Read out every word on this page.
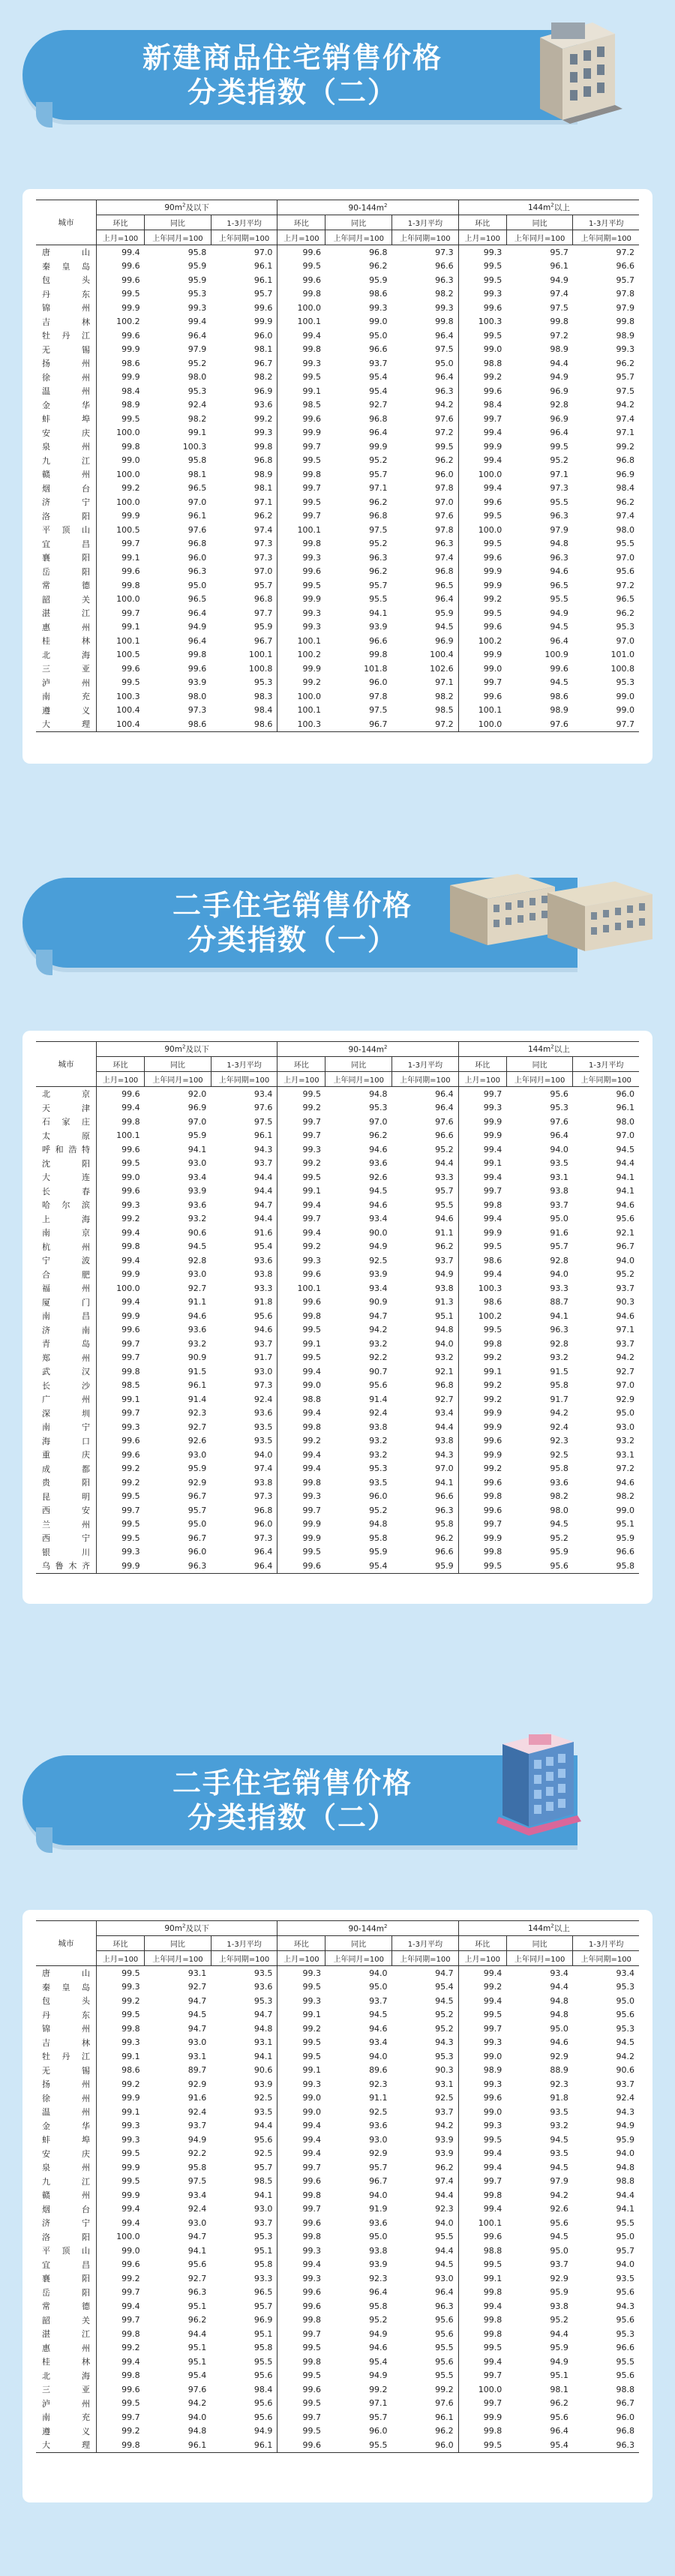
新建商品住宅销售价格
分类指数（二）
城市	$90m^2$及以下			$90-144m^2$			$144m^2$以上		
	环比	同比	1-3月平均	环比	同比	1-3月平均	环比	同比	1-3月平均
	上月=100	上年同月=100	上年同期=100	上月=100	上年同月=100	上年同期=100	上月=100	上年同月=100	上年同期=100
唐　山	99.4	95.8	97.0	99.6	96.8	97.3	99.3	95.7	97.2
秦皇岛	99.6	95.9	96.1	99.5	96.2	96.6	99.5	96.1	96.6
包　头	99.6	95.9	96.1	99.6	95.9	96.3	99.5	94.9	95.7
丹　东	99.5	95.3	95.7	99.8	98.6	98.2	99.3	97.4	97.8
锦　州	99.9	99.3	99.6	100.0	99.3	99.3	99.6	97.5	97.9
吉　林	100.2	99.4	99.9	100.1	99.0	99.8	100.3	99.8	99.8
牡丹江	99.6	96.4	96.0	99.4	95.0	96.4	99.5	97.2	98.9
无　锡	99.9	97.9	98.1	99.8	96.6	97.5	99.0	98.9	99.3
扬　州	98.6	95.2	96.7	99.3	93.7	95.0	98.8	94.4	96.2
徐　州	99.9	98.0	98.2	99.5	95.4	96.4	99.2	94.9	95.7
温　州	98.4	95.3	96.9	99.1	95.4	96.3	99.6	96.9	97.5
金　华	98.9	92.4	93.6	98.5	92.7	94.2	98.4	92.8	94.2
蚌　埠	99.5	98.2	99.2	99.6	96.8	97.6	99.7	96.9	97.4
安　庆	100.0	99.1	99.3	99.9	96.4	97.2	99.4	96.4	97.1
泉　州	99.8	100.3	99.8	99.7	99.9	99.5	99.9	99.5	99.2
九　江	99.0	95.8	96.8	99.5	95.2	96.2	99.4	95.2	96.8
赣　州	100.0	98.1	98.9	99.8	95.7	96.0	100.0	97.1	96.9
烟　台	99.2	96.5	98.1	99.7	97.1	97.8	99.4	97.3	98.4
济　宁	100.0	97.0	97.1	99.5	96.2	97.0	99.6	95.5	96.2
洛　阳	99.9	96.1	96.2	99.7	96.8	97.6	99.5	96.3	97.4
平顶山	100.5	97.6	97.4	100.1	97.5	97.8	100.0	97.9	98.0
宜　昌	99.7	96.8	97.3	99.8	95.2	96.3	99.5	94.8	95.5
襄　阳	99.1	96.0	97.3	99.3	96.3	97.4	99.6	96.3	97.0
岳　阳	99.6	96.3	97.0	99.6	96.2	96.8	99.9	94.6	95.6
常　德	99.8	95.0	95.7	99.5	95.7	96.5	99.9	96.5	97.2
韶　关	100.0	96.5	96.8	99.9	95.5	96.4	99.2	95.5	96.5
湛　江	99.7	96.4	97.7	99.3	94.1	95.9	99.5	94.9	96.2
惠　州	99.1	94.9	95.9	99.3	93.9	94.5	99.6	94.5	95.3
桂　林	100.1	96.4	96.7	100.1	96.6	96.9	100.2	96.4	97.0
北　海	100.5	99.8	100.1	100.2	99.8	100.4	99.9	100.9	101.0
三　亚	99.6	99.6	100.8	99.9	101.8	102.6	99.0	99.6	100.8
泸　州	99.5	93.9	95.3	99.2	96.0	97.1	99.7	94.5	95.3
南　充	100.3	98.0	98.3	100.0	97.8	98.2	99.6	98.6	99.0
遵　义	100.4	97.3	98.4	100.1	97.5	98.5	100.1	98.9	99.0
大　理	100.4	98.6	98.6	100.3	96.7	97.2	100.0	97.6	97.7
二手住宅销售价格
分类指数（一）
城市	$90m^2$及以下			$90-144m^2$			$144m^2$以上		
	环比	同比	1-3月平均	环比	同比	1-3月平均	环比	同比	1-3月平均
	上月=100	上年同月=100	上年同期=100	上月=100	上年同月=100	上年同期=100	上月=100	上年同月=100	上年同期=100
北　京	99.6	92.0	93.4	99.5	94.8	96.4	99.7	95.6	96.0
天　津	99.4	96.9	97.6	99.2	95.3	96.4	99.3	95.3	96.1
石家庄	99.8	97.0	97.5	99.7	97.0	97.6	99.9	97.6	98.0
太　原	100.1	95.9	96.1	99.7	96.2	96.6	99.9	96.4	97.0
呼和浩特	99.6	94.1	94.3	99.3	94.6	95.2	99.4	94.0	94.5
沈　阳	99.5	93.0	93.7	99.2	93.6	94.4	99.1	93.5	94.4
大　连	99.0	93.4	94.4	99.5	92.6	93.3	99.4	93.1	94.1
长　春	99.6	93.9	94.4	99.1	94.5	95.7	99.7	93.8	94.1
哈尔滨	99.3	93.6	94.7	99.4	94.6	95.5	99.8	93.7	94.6
上　海	99.2	93.2	94.4	99.7	93.4	94.6	99.4	95.0	95.6
南　京	99.4	90.6	91.6	99.4	90.0	91.1	99.9	91.6	92.1
杭　州	99.8	94.5	95.4	99.2	94.9	96.2	99.5	95.7	96.7
宁　波	99.4	92.8	93.6	99.3	92.5	93.7	98.6	92.8	94.0
合　肥	99.9	93.0	93.8	99.6	93.9	94.9	99.4	94.0	95.2
福　州	100.0	92.7	93.3	100.1	93.4	93.8	100.3	93.3	93.7
厦　门	99.4	91.1	91.8	99.6	90.9	91.3	98.6	88.7	90.3
南　昌	99.9	94.6	95.6	99.8	94.7	95.1	100.2	94.1	94.6
济　南	99.6	93.6	94.6	99.5	94.2	94.8	99.5	96.3	97.1
青　岛	99.7	93.2	93.7	99.1	93.2	94.0	99.8	92.8	93.7
郑　州	99.7	90.9	91.7	99.5	92.2	93.2	99.2	93.2	94.2
武　汉	99.8	91.5	93.0	99.4	90.7	92.1	99.1	91.5	92.7
长　沙	98.5	96.1	97.3	99.0	95.6	96.8	99.2	95.8	97.0
广　州	99.1	91.4	92.4	98.8	91.4	92.7	99.2	91.7	92.9
深　圳	99.7	92.3	93.6	99.4	92.4	93.4	99.9	94.2	95.0
南　宁	99.3	92.7	93.5	99.8	93.8	94.4	99.9	92.4	93.0
海　口	99.6	92.6	93.5	99.2	93.2	93.8	99.6	92.3	93.2
重　庆	99.6	93.0	94.0	99.4	93.2	94.3	99.9	92.5	93.1
成　都	99.2	95.9	97.4	99.4	95.3	97.0	99.2	95.8	97.2
贵　阳	99.2	92.9	93.8	99.8	93.5	94.1	99.6	93.6	94.6
昆　明	99.5	96.7	97.3	99.3	96.0	96.6	99.8	98.2	98.2
西　安	99.7	95.7	96.8	99.7	95.2	96.3	99.6	98.0	99.0
兰　州	99.5	95.0	96.0	99.9	94.8	95.8	99.7	94.5	95.1
西　宁	99.5	96.7	97.3	99.9	95.8	96.2	99.9	95.2	95.9
银　川	99.3	96.0	96.4	99.5	95.9	96.6	99.8	95.9	96.6
乌鲁木齐	99.9	96.3	96.4	99.6	95.4	95.9	99.5	95.6	95.8
二手住宅销售价格
分类指数（二）
城市	$90m^2$及以下			$90-144m^2$			$144m^2$以上		
	环比	同比	1-3月平均	环比	同比	1-3月平均	环比	同比	1-3月平均
	上月=100	上年同月=100	上年同期=100	上月=100	上年同月=100	上年同期=100	上月=100	上年同月=100	上年同期=100
唐　山	99.5	93.1	93.5	99.3	94.0	94.7	99.4	93.4	93.4
秦皇岛	99.3	92.7	93.6	99.5	95.0	95.4	99.2	94.4	95.3
包　头	99.2	94.7	95.3	99.3	93.7	94.5	99.4	94.8	95.0
丹　东	99.5	94.5	94.7	99.1	94.5	95.2	99.5	94.8	95.6
锦　州	99.8	94.7	94.8	99.2	94.6	95.2	99.7	95.0	95.3
吉　林	99.3	93.0	93.1	99.5	93.4	94.3	99.3	94.6	94.5
牡丹江	99.1	93.1	94.1	99.5	94.0	95.3	99.0	92.9	94.2
无　锡	98.6	89.7	90.6	99.1	89.6	90.3	98.9	88.9	90.6
扬　州	99.2	92.9	93.9	99.3	92.3	93.1	99.3	92.3	93.7
徐　州	99.9	91.6	92.5	99.0	91.1	92.5	99.6	91.8	92.4
温　州	99.1	92.4	93.5	99.0	92.5	93.7	99.0	93.5	94.3
金　华	99.3	93.7	94.4	99.4	93.6	94.2	99.3	93.2	94.9
蚌　埠	99.3	94.9	95.6	99.4	93.0	93.9	99.5	94.5	95.9
安　庆	99.5	92.2	92.5	99.4	92.9	93.9	99.4	93.5	94.0
泉　州	99.9	95.8	95.7	99.7	95.7	96.2	99.4	94.5	94.8
九　江	99.5	97.5	98.5	99.6	96.7	97.4	99.7	97.9	98.8
赣　州	99.9	93.4	94.1	99.8	94.0	94.4	99.8	94.2	94.4
烟　台	99.4	92.4	93.0	99.7	91.9	92.3	99.4	92.6	94.1
济　宁	99.4	93.0	93.7	99.6	93.6	94.0	100.1	95.6	95.5
洛　阳	100.0	94.7	95.3	99.8	95.0	95.5	99.6	94.5	95.0
平顶山	99.0	94.1	95.1	99.3	93.8	94.4	98.8	95.0	95.7
宜　昌	99.6	95.6	95.8	99.4	93.9	94.5	99.5	93.7	94.0
襄　阳	99.2	92.7	93.3	99.3	92.3	93.0	99.1	92.9	93.5
岳　阳	99.7	96.3	96.5	99.6	96.4	96.4	99.8	95.9	95.6
常　德	99.4	95.1	95.7	99.6	95.8	96.3	99.4	93.8	94.3
韶　关	99.7	96.2	96.9	99.8	95.2	95.6	99.8	95.2	95.6
湛　江	99.8	94.4	95.1	99.7	94.9	95.6	99.8	94.4	95.3
惠　州	99.2	95.1	95.8	99.5	94.6	95.5	99.5	95.9	96.6
桂　林	99.4	95.1	95.5	99.8	95.4	95.6	99.4	94.9	95.5
北　海	99.8	95.4	95.6	99.5	94.9	95.5	99.7	95.1	95.6
三　亚	99.6	97.6	98.4	99.6	99.2	99.2	100.0	98.1	98.8
泸　州	99.5	94.2	95.6	99.5	97.1	97.6	99.7	96.2	96.7
南　充	99.7	94.0	95.6	99.7	95.7	96.1	99.9	95.6	96.0
遵　义	99.2	94.8	94.9	99.5	96.0	96.2	99.8	96.4	96.8
大　理	99.8	96.1	96.1	99.6	95.5	96.0	99.5	95.4	96.3
